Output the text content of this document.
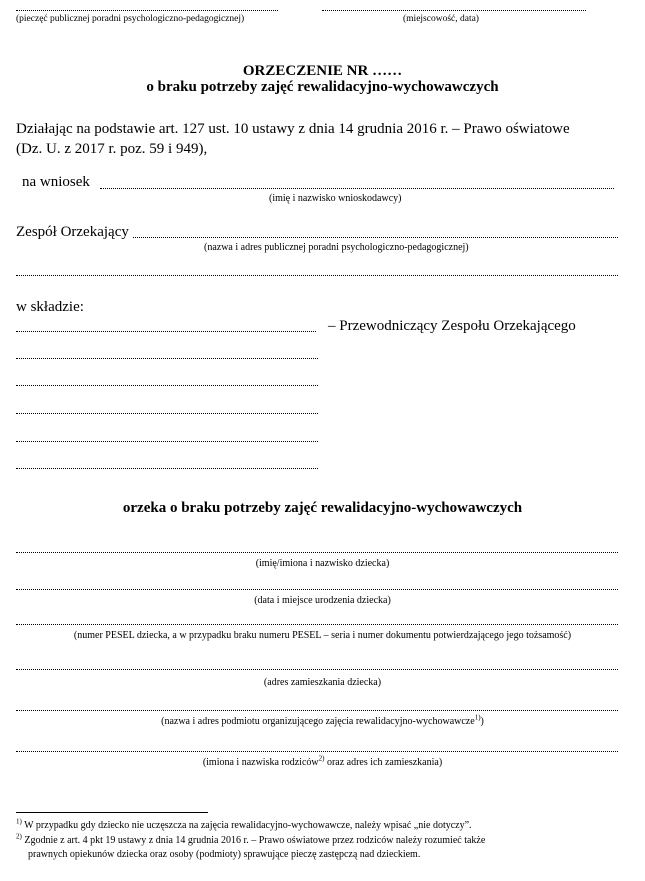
(pieczęć publicznej poradni psychologiczno-pedagogicznej)	(miejscowość, data)
ORZECZENIE NR ……
o braku potrzeby zajęć rewalidacyjno-wychowawczych
Działając na podstawie art. 127 ust. 10 ustawy z dnia 14 grudnia 2016 r. – Prawo oświatowe
(Dz. U. z 2017 r. poz. 59 i 949),
na wniosek
(imię i nazwisko wnioskodawcy)
Zespół Orzekający
(nazwa i adres publicznej poradni psychologiczno-pedagogicznej)
w składzie:
– Przewodniczący Zespołu Orzekającego
orzeka o braku potrzeby zajęć rewalidacyjno-wychowawczych
(imię/imiona i nazwisko dziecka)
(data i miejsce urodzenia dziecka)
(numer PESEL dziecka, a w przypadku braku numeru PESEL – seria i numer dokumentu potwierdzającego jego tożsamość)
(adres zamieszkania dziecka)
(nazwa i adres podmiotu organizującego zajęcia rewalidacyjno-wychowawcze$^{1)}$)
(imiona i nazwiska rodziców$^{2)}$ oraz adres ich zamieszkania)
$^{1)}$ W przypadku gdy dziecko nie uczęszcza na zajęcia rewalidacyjno-wychowawcze, należy wpisać „nie dotyczy”.
$^{2)}$ Zgodnie z art. 4 pkt 19 ustawy z dnia 14 grudnia 2016 r. – Prawo oświatowe przez rodziców należy rozumieć także
prawnych opiekunów dziecka oraz osoby (podmioty) sprawujące pieczę zastępczą nad dzieckiem.
